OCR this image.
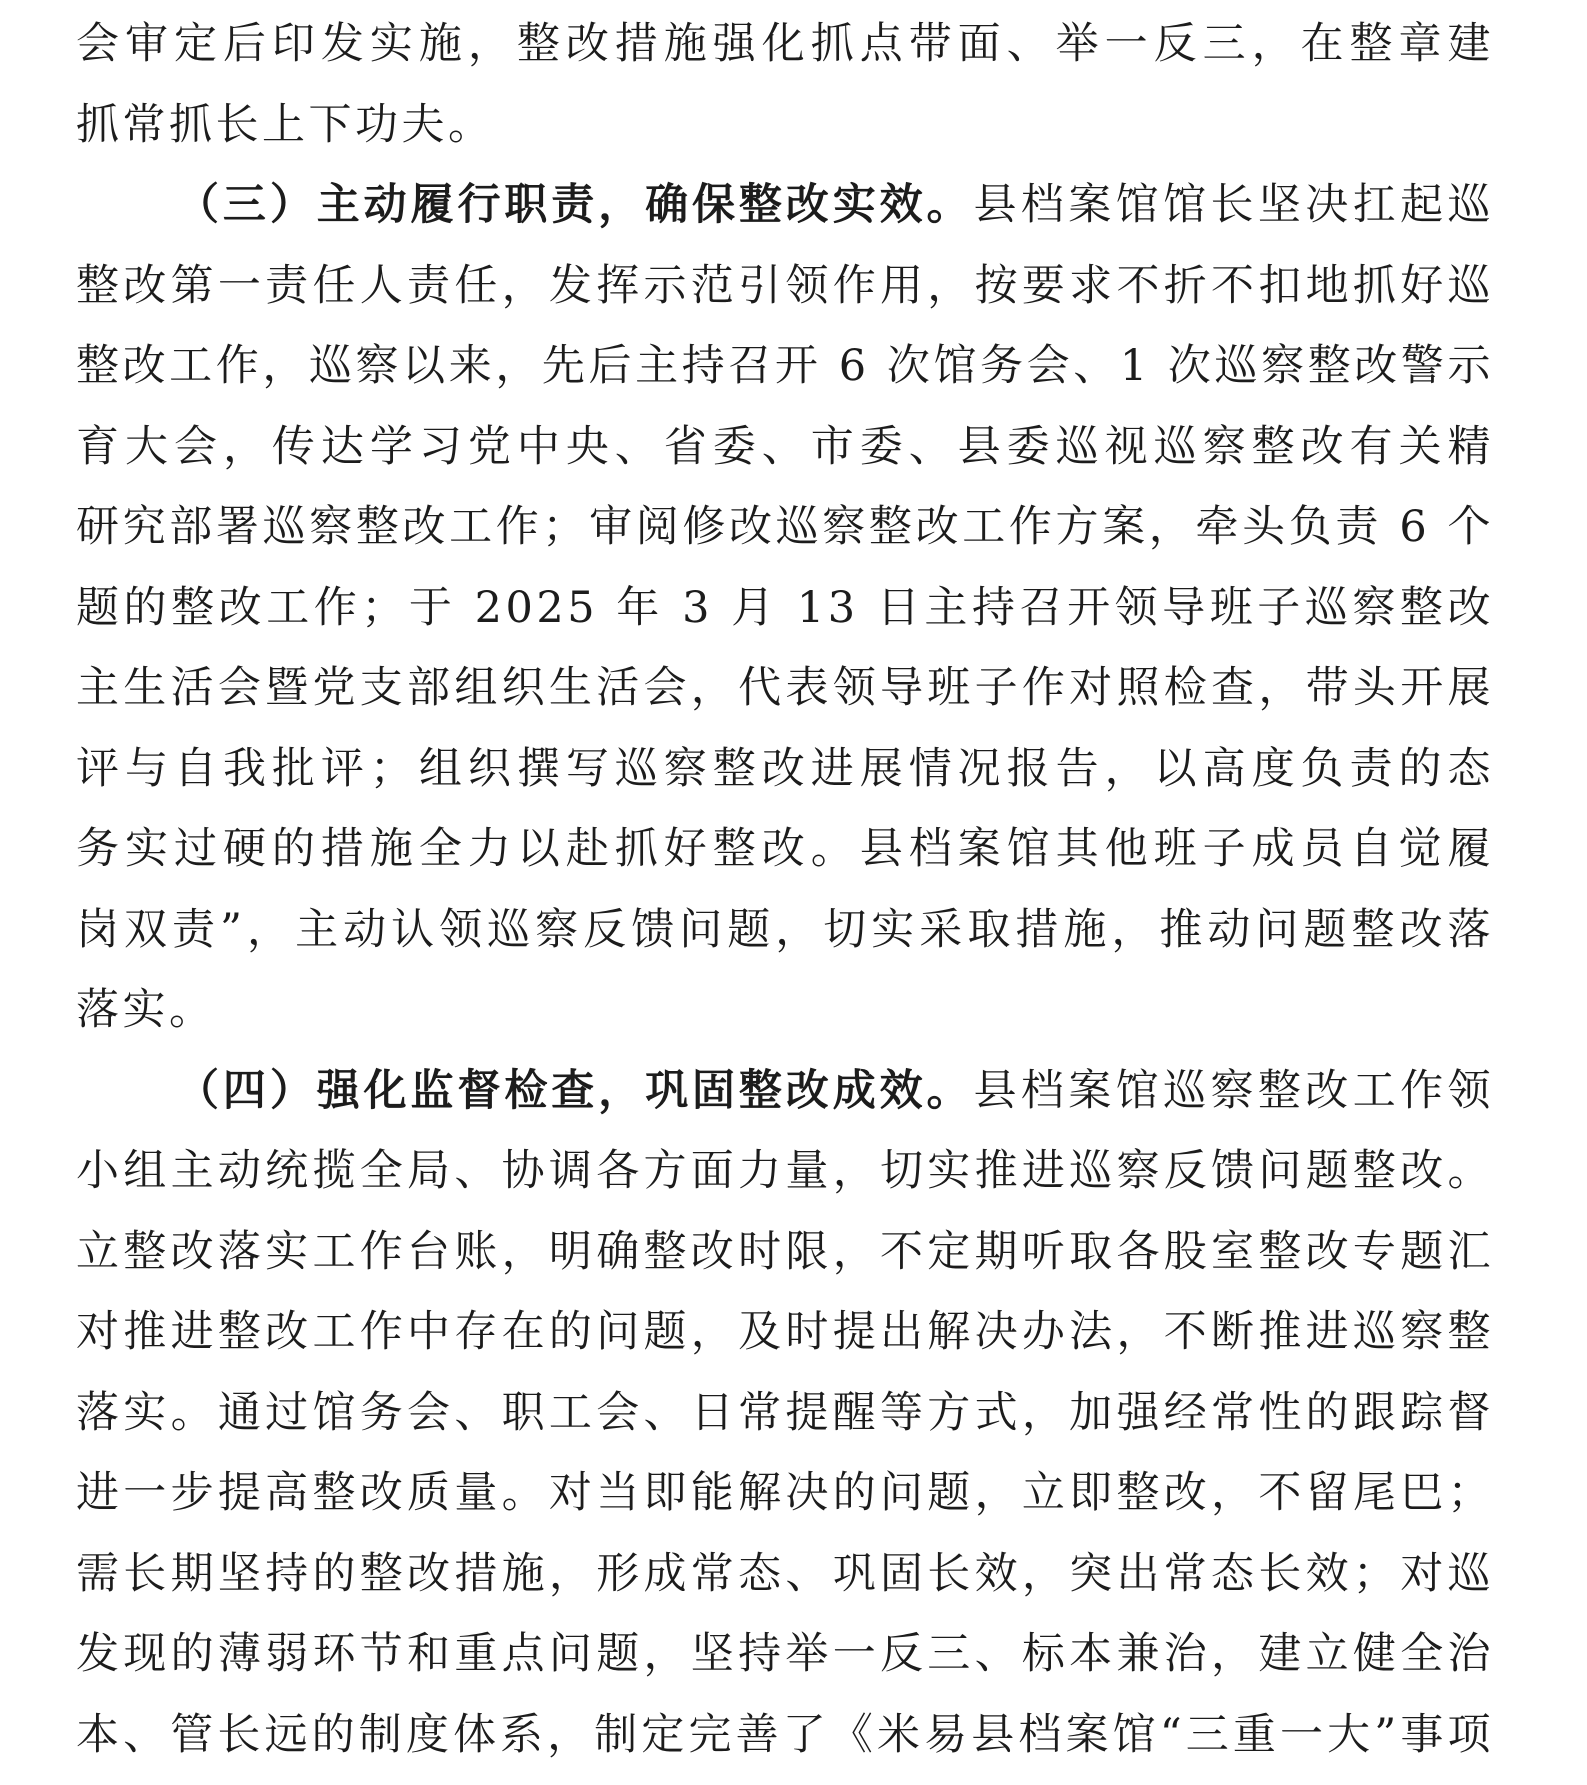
会审定后印发实施，整改措施强化抓点带面、举一反三，在整章建
抓常抓长上下功夫。
（三）主动履行职责，确保整改实效。县档案馆馆长坚决扛起巡
整改第一责任人责任，发挥示范引领作用，按要求不折不扣地抓好巡
整改工作，巡察以来，先后主持召开 6 次馆务会、1 次巡察整改警示
育大会，传达学习党中央、省委、市委、县委巡视巡察整改有关精
研究部署巡察整改工作；审阅修改巡察整改工作方案，牵头负责 6 个
题的整改工作；于 2025 年 3 月 13 日主持召开领导班子巡察整改
主生活会暨党支部组织生活会，代表领导班子作对照检查，带头开展
评与自我批评；组织撰写巡察整改进展情况报告，以高度负责的态
务实过硬的措施全力以赴抓好整改。县档案馆其他班子成员自觉履
岗双责”，主动认领巡察反馈问题，切实采取措施，推动问题整改落
落实。
（四）强化监督检查，巩固整改成效。县档案馆巡察整改工作领
小组主动统揽全局、协调各方面力量，切实推进巡察反馈问题整改。
立整改落实工作台账，明确整改时限，不定期听取各股室整改专题汇
对推进整改工作中存在的问题，及时提出解决办法，不断推进巡察整
落实。通过馆务会、职工会、日常提醒等方式，加强经常性的跟踪督
进一步提高整改质量。对当即能解决的问题，立即整改，不留尾巴；
需长期坚持的整改措施，形成常态、巩固长效，突出常态长效；对巡
发现的薄弱环节和重点问题，坚持举一反三、标本兼治，建立健全治
本、管长远的制度体系，制定完善了《米易县档案馆“三重一大”事项
